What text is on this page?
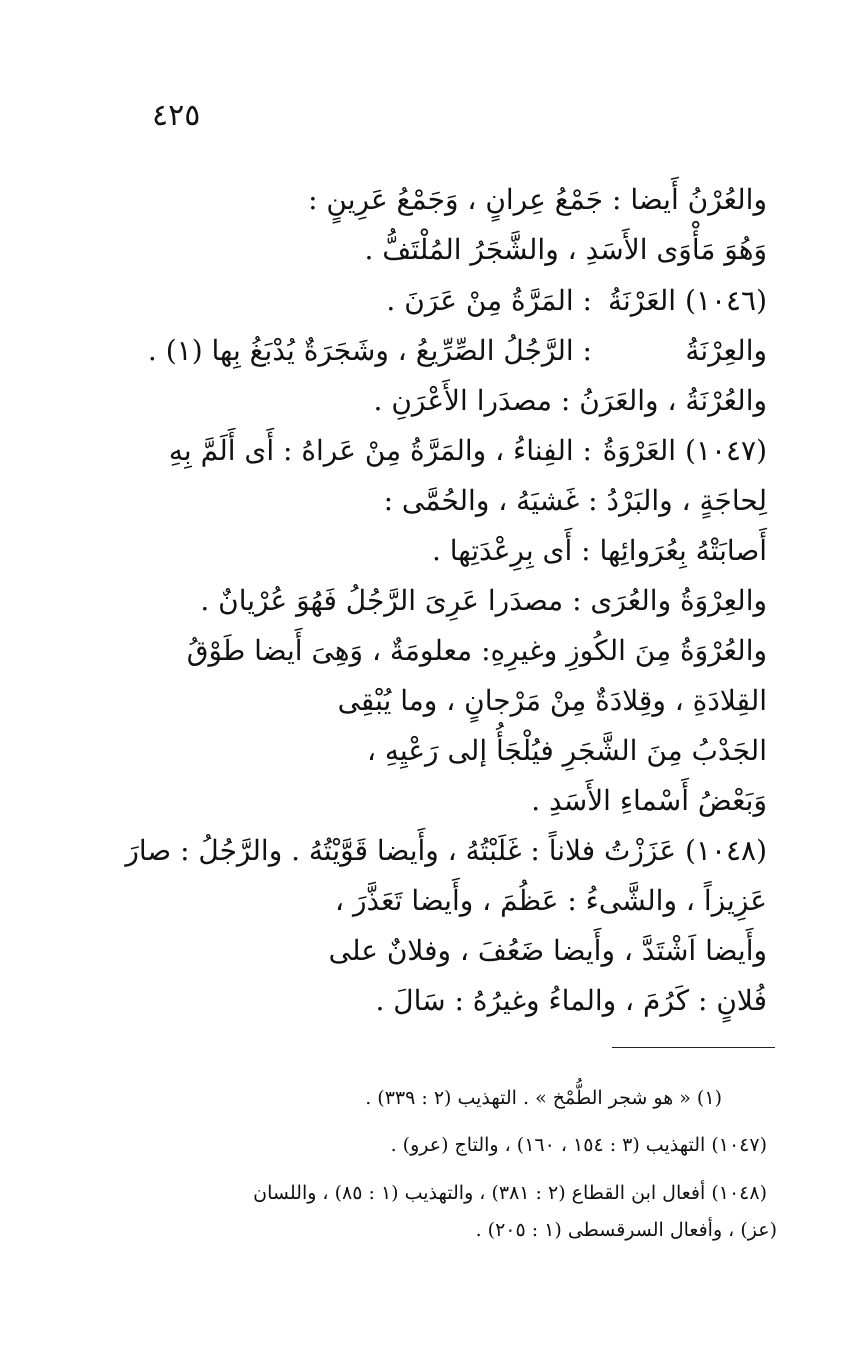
٤٢٥
والعُرْنُ أَيضا : جَمْعُ عِرانٍ ، وَجَمْعُ عَرِينٍ :
وَهُوَ مَأْوَى الأَسَدِ ، والشَّجَرُ المُلْتَفُّ .
(١٠٤٦) العَرْنَةُ: المَرَّةُ مِنْ عَرَنَ .
والعِرْنَةُ: الرَّجُلُ الصِّرِّيعُ ، وشَجَرَةٌ يُدْبَغُ بِها (١) .
والعُرْنَةُ ، والعَرَنُ : مصدَرا الأَعْرَنِ .
(١٠٤٧) العَرْوَةُ: الفِناءُ ، والمَرَّةُ مِنْ عَراهُ : أَى أَلَمَّ بِهِ
لِحاجَةٍ ، والبَرْدُ : غَشيَهُ ، والحُمَّى :
أَصابَتْهُ بِعُرَوائِها : أَى بِرِعْدَتِها .
والعِرْوَةُ والعُرَى : مصدَرا عَرِىَ الرَّجُلُ فَهُوَ عُرْيانٌ .
والعُرْوَةُ مِنَ الكُوزِ وغيرِهِ: معلومَةٌ ، وَهِىَ أَيضا طَوْقُ
القِلادَةِ ، وقِلادَةٌ مِنْ مَرْجانٍ ، وما يُبْقِى
الجَدْبُ مِنَ الشَّجَرِ فيُلْجَأُ إلى رَعْيِهِ ،
وَبَعْضُ أَسْماءِ الأَسَدِ .
(١٠٤٨) عَزَزْتُ فلاناً : غَلَبْتُهُ ، وأَيضا قَوَّيْتُهُ . والرَّجُلُ : صارَ
عَزِيزاً ، والشَّىءُ : عَظُمَ ، وأَيضا تَعَذَّرَ ،
وأَيضا اَشْتَدَّ ، وأَيضا ضَعُفَ ، وفلانٌ على
فُلانٍ : كَرُمَ ، والماءُ وغيرُهُ : سَالَ .
(١) « هو شجر الطُّمْخ » . التهذيب (٢ : ٣٣٩) .
(١٠٤٧) التهذيب (٣ : ١٥٤ ، ١٦٠) ، والتاج (عرو) .
(١٠٤٨) أفعال ابن القطاع (٢ : ٣٨١) ، والتهذيب (١ : ٨٥) ، واللسان
(عز) ، وأفعال السرقسطى (١ : ٢٠٥) .
